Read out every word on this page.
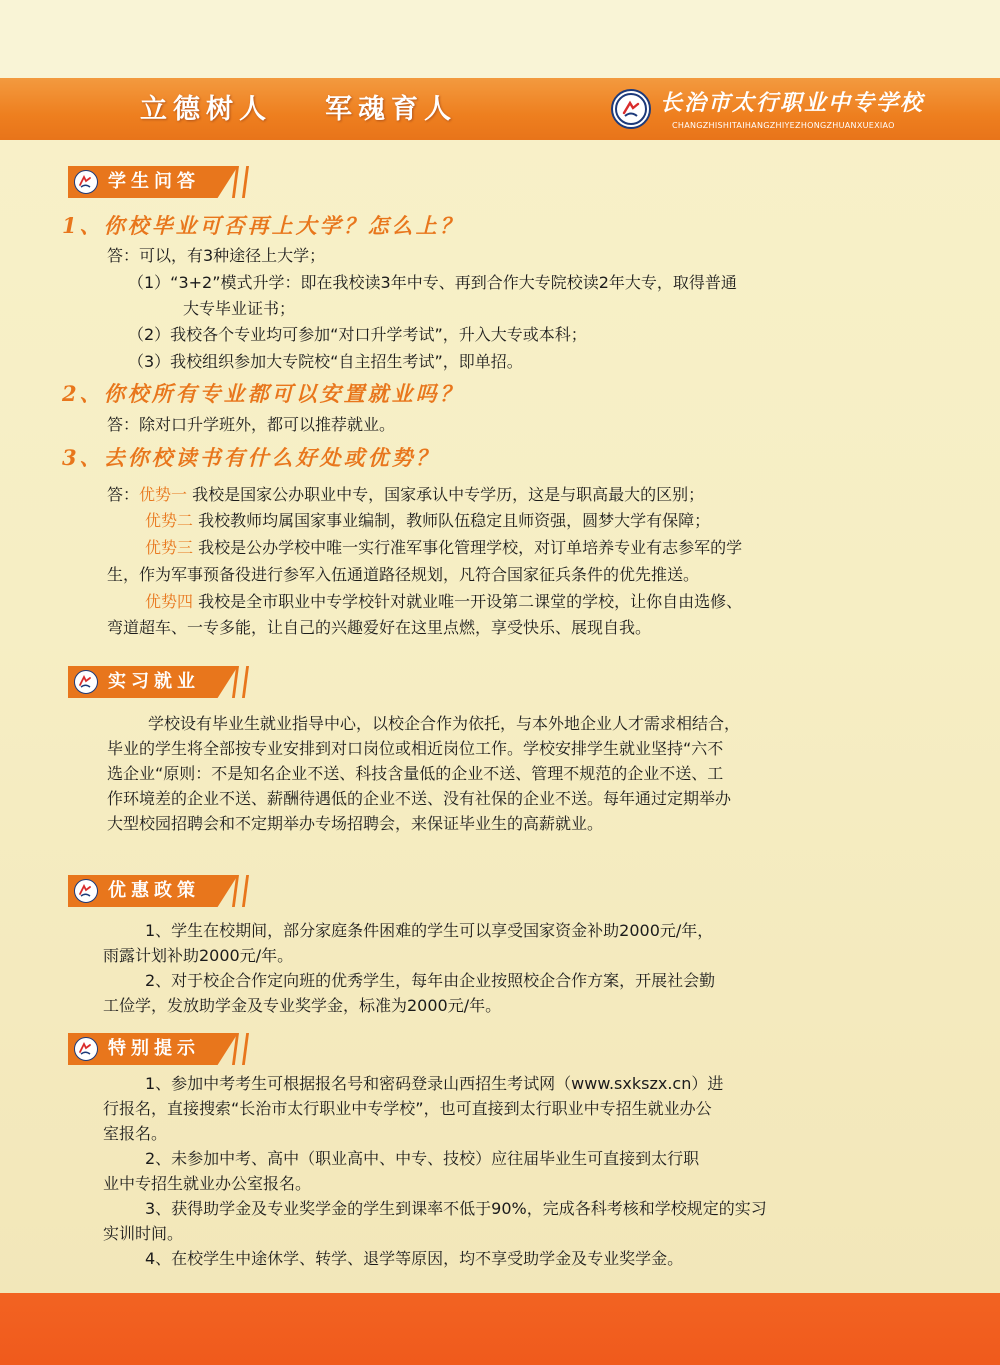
立德树人 军魂育人	长治市太行职业中专学校
CHANGZHISHITAIHANGZHIYEZHONGZHUANXUEXIAO
学生问答
1、你校毕业可否再上大学？怎么上？
答：可以，有3种途径上大学；
（1）“3+2”模式升学：即在我校读3年中专、再到合作大专院校读2年大专，取得普通
大专毕业证书；
（2）我校各个专业均可参加“对口升学考试”，升入大专或本科；
（3）我校组织参加大专院校“自主招生考试”，即单招。
2、你校所有专业都可以安置就业吗？
答：除对口升学班外，都可以推荐就业。
3、去你校读书有什么好处或优势？
答：优势一 我校是国家公办职业中专，国家承认中专学历，这是与职高最大的区别；
优势二 我校教师均属国家事业编制，教师队伍稳定且师资强，圆梦大学有保障；
优势三 我校是公办学校中唯一实行准军事化管理学校，对订单培养专业有志参军的学
生，作为军事预备役进行参军入伍通道路径规划，凡符合国家征兵条件的优先推送。
优势四 我校是全市职业中专学校针对就业唯一开设第二课堂的学校，让你自由选修、
弯道超车、一专多能，让自己的兴趣爱好在这里点燃，享受快乐、展现自我。
实习就业
学校设有毕业生就业指导中心，以校企合作为依托，与本外地企业人才需求相结合，
毕业的学生将全部按专业安排到对口岗位或相近岗位工作。学校安排学生就业坚持“六不
选企业“原则：不是知名企业不送、科技含量低的企业不送、管理不规范的企业不送、工
作环境差的企业不送、薪酬待遇低的企业不送、没有社保的企业不送。每年通过定期举办
大型校园招聘会和不定期举办专场招聘会，来保证毕业生的高薪就业。
优惠政策
1、学生在校期间，部分家庭条件困难的学生可以享受国家资金补助2000元/年，
雨露计划补助2000元/年。
2、对于校企合作定向班的优秀学生，每年由企业按照校企合作方案，开展社会勤
工俭学，发放助学金及专业奖学金，标准为2000元/年。
特别提示
1、参加中考考生可根据报名号和密码登录山西招生考试网（www.sxkszx.cn）进
行报名，直接搜索“长治市太行职业中专学校”，也可直接到太行职业中专招生就业办公
室报名。
2、未参加中考、高中（职业高中、中专、技校）应往届毕业生可直接到太行职
业中专招生就业办公室报名。
3、获得助学金及专业奖学金的学生到课率不低于90%，完成各科考核和学校规定的实习
实训时间。
4、在校学生中途休学、转学、退学等原因，均不享受助学金及专业奖学金。
